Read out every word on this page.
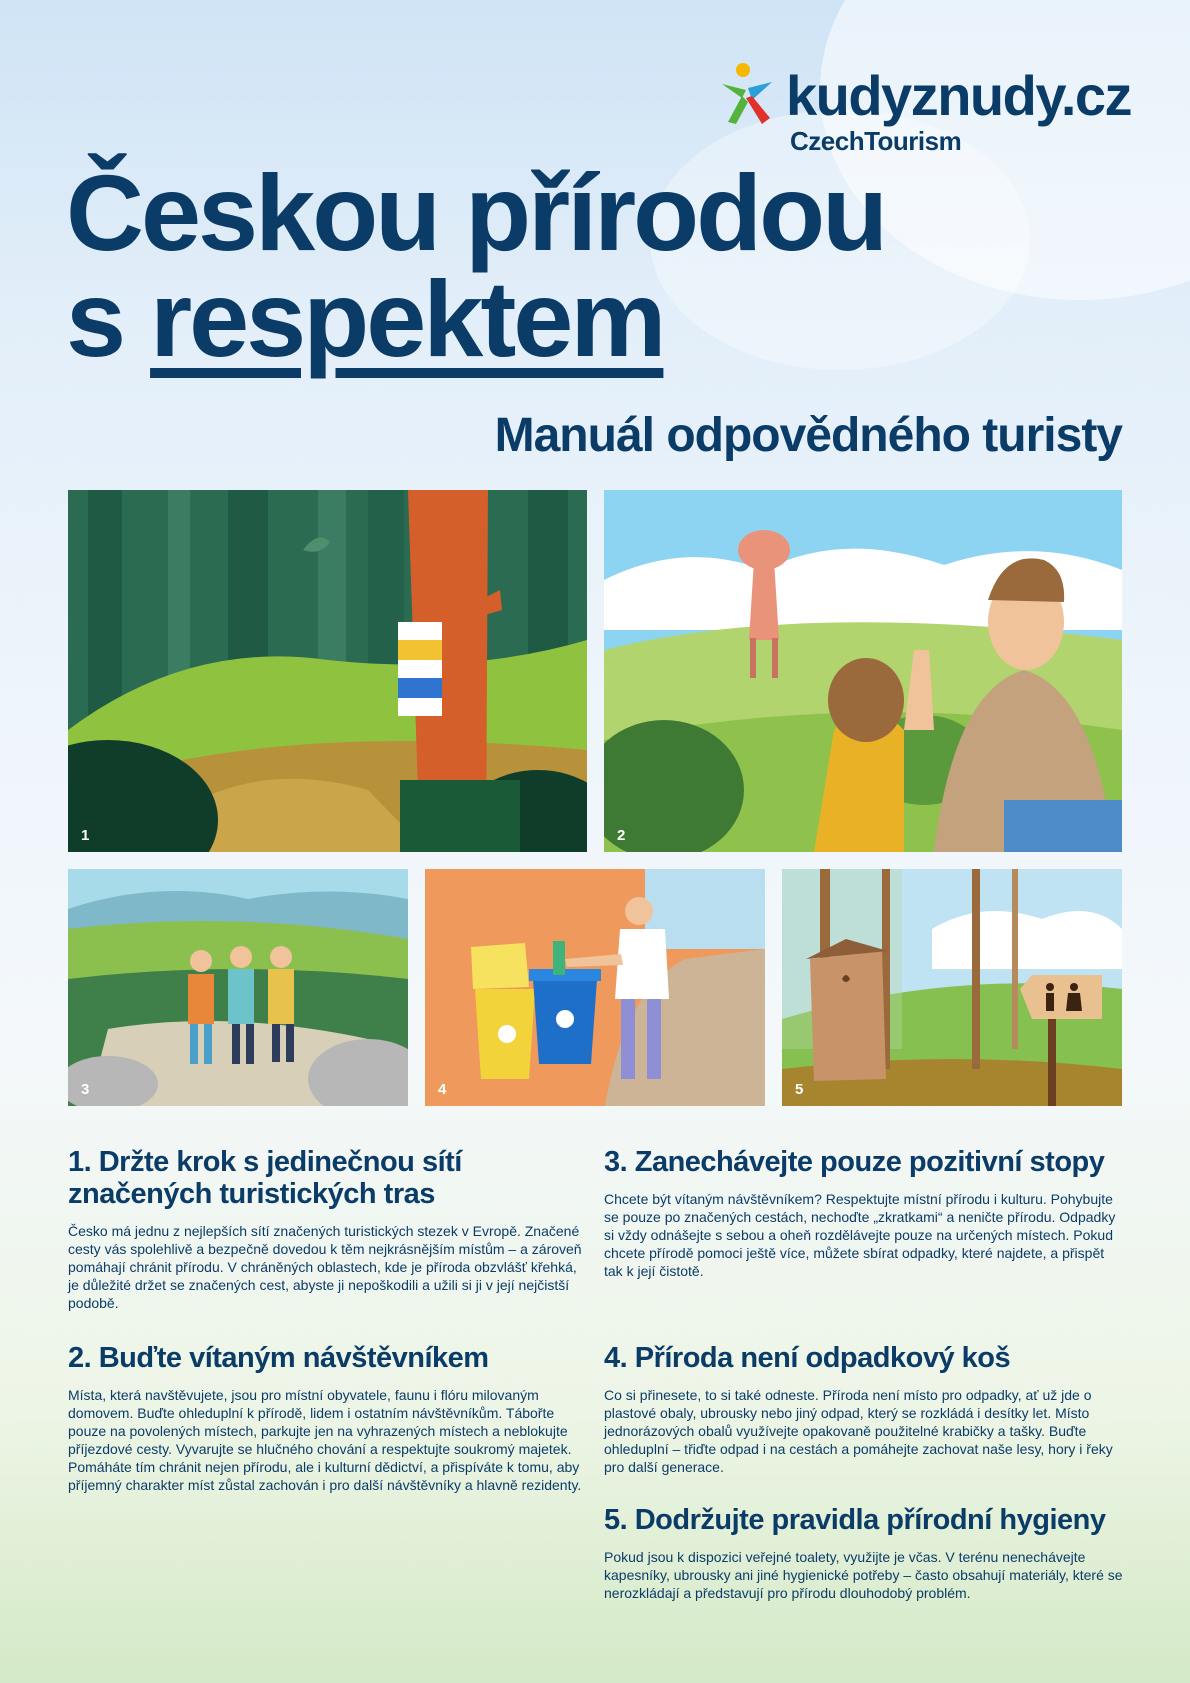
kudyznudy.cz
CzechTourism
Českou přírodou
s respektem
Manuál odpovědného turisty
1	2
3	4	5
1. Držte krok s jedinečnou sítí značených turistických tras

Česko má jednu z nejlepších sítí značených turistických stezek v Evropě. Značené cesty vás spolehlivě a bezpečně dovedou k těm nejkrásnějším místům – a zároveň pomáhají chránit přírodu. V chráněných oblastech, kde je příroda obzvlášť křehká, je důležité držet se značených cest, abyste ji nepoškodili a užili si ji v její nejčistší podobě.

2. Buďte vítaným návštěvníkem

Místa, která navštěvujete, jsou pro místní obyvatele, faunu i flóru milovaným domovem. Buďte ohleduplní k přírodě, lidem i ostatním návštěvníkům. Tábořte pouze na povolených místech, parkujte jen na vyhrazených místech a neblokujte příjezdové cesty. Vyvarujte se hlučného chování a respektujte soukromý majetek. Pomáháte tím chránit nejen přírodu, ale i kulturní dědictví, a přispíváte k tomu, aby příjemný charakter míst zůstal zachován i pro další návštěvníky a hlavně rezidenty.

3. Zanechávejte pouze pozitivní stopy

Chcete být vítaným návštěvníkem? Respektujte místní přírodu i kulturu. Pohybujte se pouze po značených cestách, nechoďte „zkratkami“ a neničte přírodu. Odpadky si vždy odnášejte s sebou a oheň rozdělávejte pouze na určených místech. Pokud chcete přírodě pomoci ještě více, můžete sbírat odpadky, které najdete, a přispět tak k její čistotě.

4. Příroda není odpadkový koš

Co si přinesete, to si také odneste. Příroda není místo pro odpadky, ať už jde o plastové obaly, ubrousky nebo jiný odpad, který se rozkládá i desítky let. Místo jednorázových obalů využívejte opakovaně použitelné krabičky a tašky. Buďte ohleduplní – třiďte odpad i na cestách a pomáhejte zachovat naše lesy, hory i řeky pro další generace.

5. Dodržujte pravidla přírodní hygieny

Pokud jsou k dispozici veřejné toalety, využijte je včas. V terénu nenechávejte kapesníky, ubrousky ani jiné hygienické potřeby – často obsahují materiály, které se nerozkládají a představují pro přírodu dlouhodobý problém.
